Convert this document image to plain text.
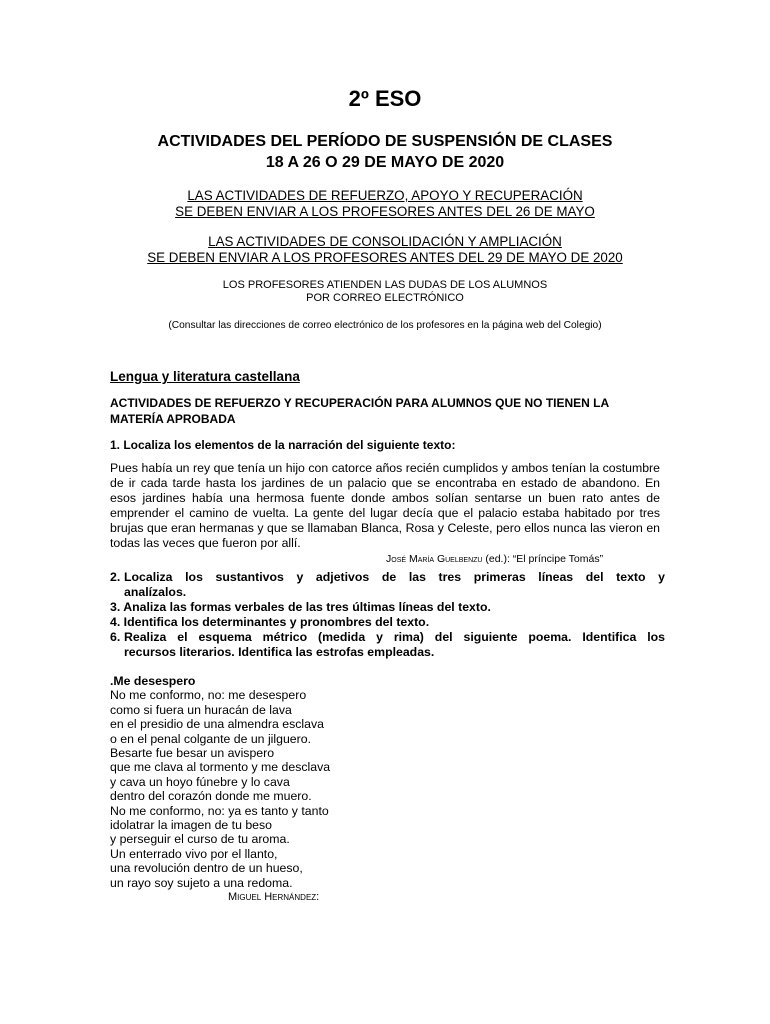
2º ESO
ACTIVIDADES DEL PERÍODO DE SUSPENSIÓN DE CLASES
18 A 26 O 29 DE MAYO DE 2020
LAS ACTIVIDADES DE REFUERZO, APOYO Y RECUPERACIÓN
SE DEBEN ENVIAR A LOS PROFESORES ANTES DEL 26 DE MAYO
LAS ACTIVIDADES DE CONSOLIDACIÓN Y AMPLIACIÓN
SE DEBEN ENVIAR A LOS PROFESORES ANTES DEL 29 DE MAYO DE 2020
LOS PROFESORES ATIENDEN LAS DUDAS DE LOS ALUMNOS
POR CORREO ELECTRÓNICO
(Consultar las direcciones de correo electrónico de los profesores en la página web del Colegio)
Lengua y literatura castellana
ACTIVIDADES DE REFUERZO Y RECUPERACIÓN PARA ALUMNOS QUE NO TIENEN LA
MATERÍA APROBADA
1. Localiza los elementos de la narración del siguiente texto:
Pues había un rey que tenía un hijo con catorce años recién cumplidos y ambos tenían la costumbre de ir cada tarde hasta los jardines de un palacio que se encontraba en estado de abandono. En esos jardines había una hermosa fuente donde ambos solían sentarse un buen rato antes de emprender el camino de vuelta. La gente del lugar decía que el palacio estaba habitado por tres brujas que eran hermanas y que se llamaban Blanca, Rosa y Celeste, pero ellos nunca las vieron en todas las veces que fueron por allí.
José María Guelbenzu (ed.): “El príncipe Tomás”
2. Localiza los sustantivos y adjetivos de las tres primeras líneas del texto y
analízalos.
3. Analiza las formas verbales de las tres últimas líneas del texto.
4. Identifica los determinantes y pronombres del texto.
6. Realiza el esquema métrico (medida y rima) del siguiente poema. Identifica los
recursos literarios. Identifica las estrofas empleadas.
.Me desespero
No me conformo, no: me desespero
como si fuera un huracán de lava
en el presidio de una almendra esclava
o en el penal colgante de un jilguero.
Besarte fue besar un avispero
que me clava al tormento y me desclava
y cava un hoyo fúnebre y lo cava
dentro del corazón donde me muero.
No me conformo, no: ya es tanto y tanto
idolatrar la imagen de tu beso
y perseguir el curso de tu aroma.
Un enterrado vivo por el llanto,
una revolución dentro de un hueso,
un rayo soy sujeto a una redoma.
Miguel Hernández:
